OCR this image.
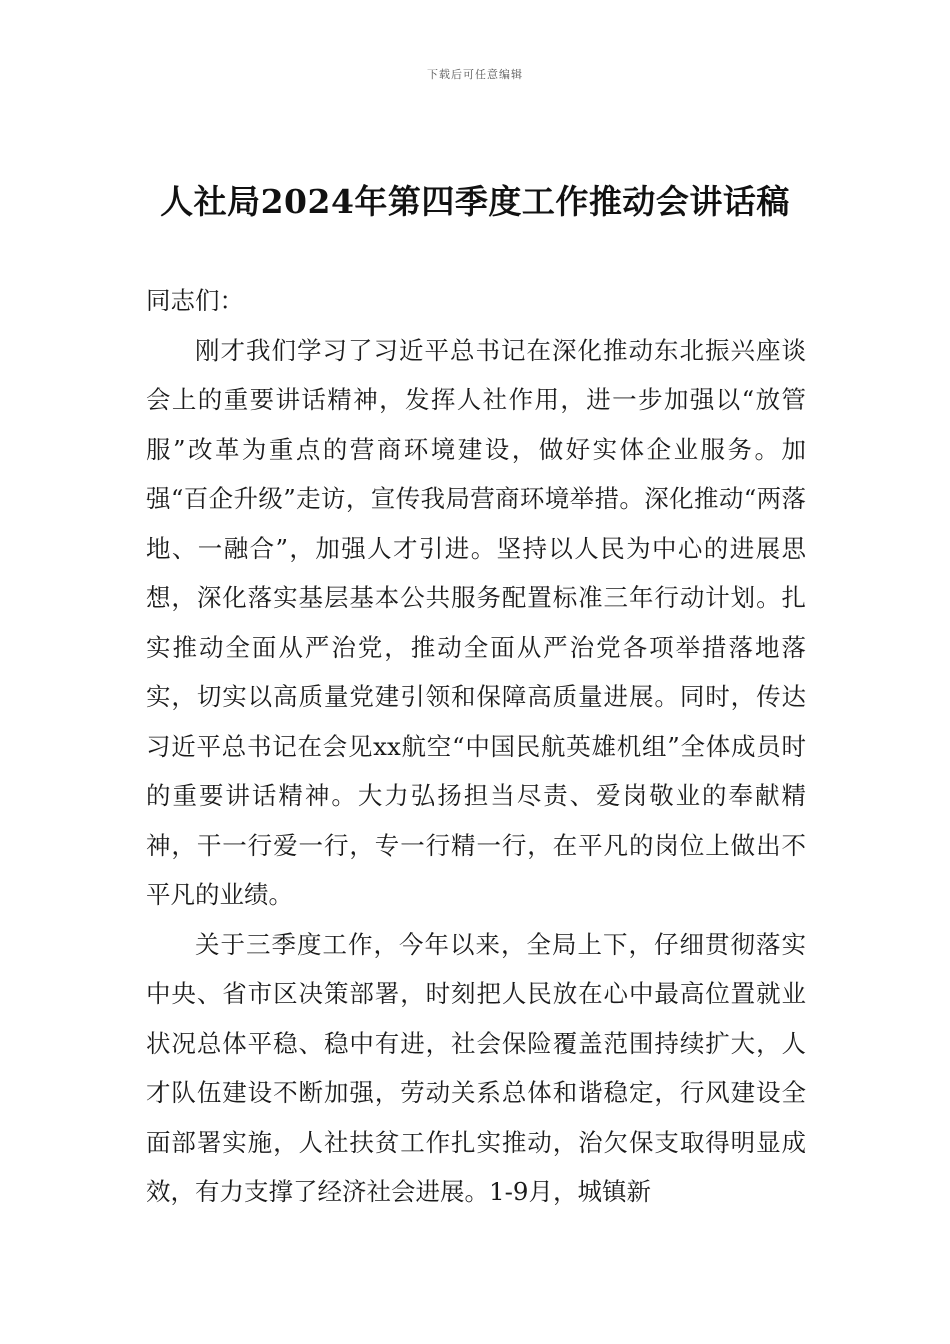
下载后可任意编辑
人社局2024年第四季度工作推动会讲话稿

同志们：

刚才我们学习了习近平总书记在深化推动东北振兴座谈会上的重要讲话精神，发挥人社作用，进一步加强以“放管服”改革为重点的营商环境建设，做好实体企业服务。加强“百企升级”走访，宣传我局营商环境举措。深化推动“两落地、一融合”，加强人才引进。坚持以人民为中心的进展思想，深化落实基层基本公共服务配置标准三年行动计划。扎实推动全面从严治党，推动全面从严治党各项举措落地落实，切实以高质量党建引领和保障高质量进展。同时，传达习近平总书记在会见xx航空“中国民航英雄机组”全体成员时的重要讲话精神。大力弘扬担当尽责、爱岗敬业的奉献精神，干一行爱一行，专一行精一行，在平凡的岗位上做出不平凡的业绩。

关于三季度工作，今年以来，全局上下，仔细贯彻落实中央、省市区决策部署，时刻把人民放在心中最高位置就业状况总体平稳、稳中有进，社会保险覆盖范围持续扩大，人才队伍建设不断加强，劳动关系总体和谐稳定，行风建设全面部署实施，人社扶贫工作扎实推动，治欠保支取得明显成效，有力支撑了经济社会进展。1-9月，城镇新
